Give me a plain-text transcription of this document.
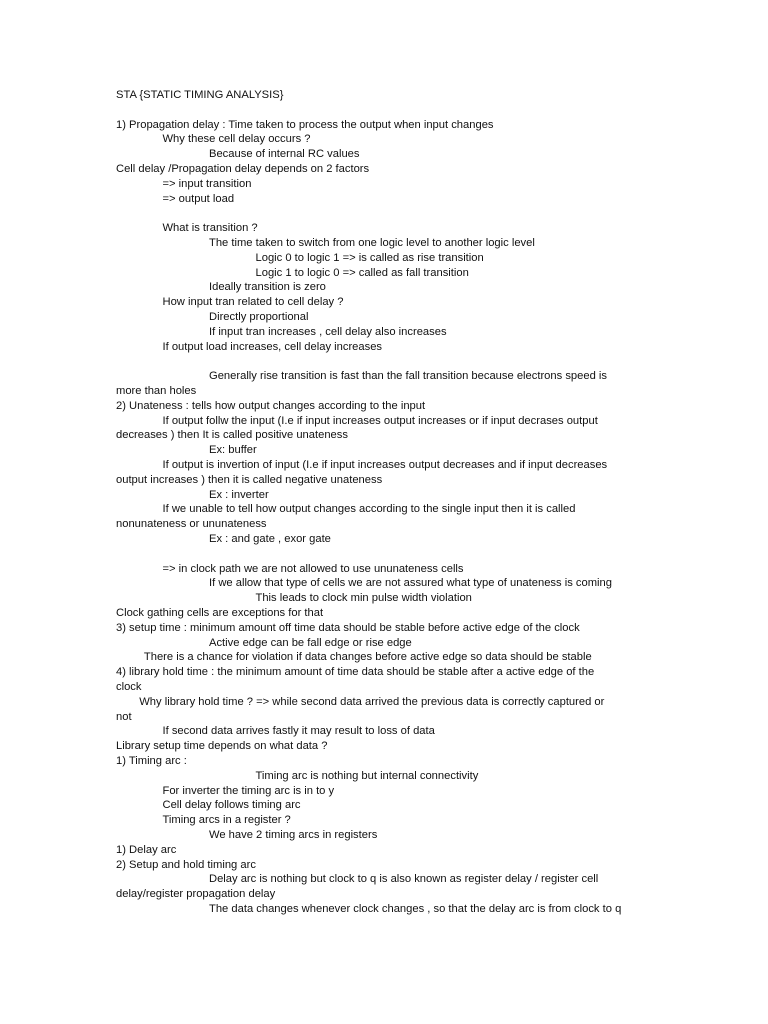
STA {STATIC TIMING ANALYSIS}
1) Propagation delay : Time taken to process the output when input changes
Why these cell delay occurs ?
Because of internal RC values
Cell delay /Propagation delay depends on 2 factors
=> input transition
=> output load
What is transition ?
The time taken to switch from one logic level to another logic level
Logic 0 to logic 1 => is called as rise transition
Logic 1 to logic 0 => called as fall transition
Ideally transition is zero
How input tran related to cell delay ?
Directly proportional
If input tran increases , cell delay also increases
If output load increases, cell delay increases
Generally rise transition is fast than the fall transition because electrons speed is
more than holes
2) Unateness : tells how output changes according to the input
If output follw the input (I.e if input increases output increases or if input decrases output
decreases ) then It is called positive unateness
Ex: buffer
If output is invertion of input (I.e if input increases output decreases and if input decreases
output increases ) then it is called negative unateness
Ex : inverter
If we unable to tell how output changes according to the single input then it is called
nonunateness or ununateness
Ex : and gate , exor gate
=> in clock path we are not allowed to use ununateness cells
If we allow that type of cells we are not assured what type of unateness is coming
This leads to clock min pulse width violation
Clock gathing cells are exceptions for that
3) setup time : minimum amount off time data should be stable before active edge of the clock
Active edge can be fall edge or rise edge
There is a chance for violation if data changes before active edge so data should be stable
4) library hold time : the minimum amount of time data should be stable after a active edge of the
clock
Why library hold time ? => while second data arrived the previous data is correctly captured or
not
If second data arrives fastly it may result to loss of data
Library setup time depends on what data ?
1) Timing arc :
Timing arc is nothing but internal connectivity
For inverter the timing arc is in to y
Cell delay follows timing arc
Timing arcs in a register ?
We have 2 timing arcs in registers
1) Delay arc
2) Setup and hold timing arc
Delay arc is nothing but clock to q is also known as register delay / register cell
delay/register propagation delay
The data changes whenever clock changes , so that the delay arc is from clock to q
